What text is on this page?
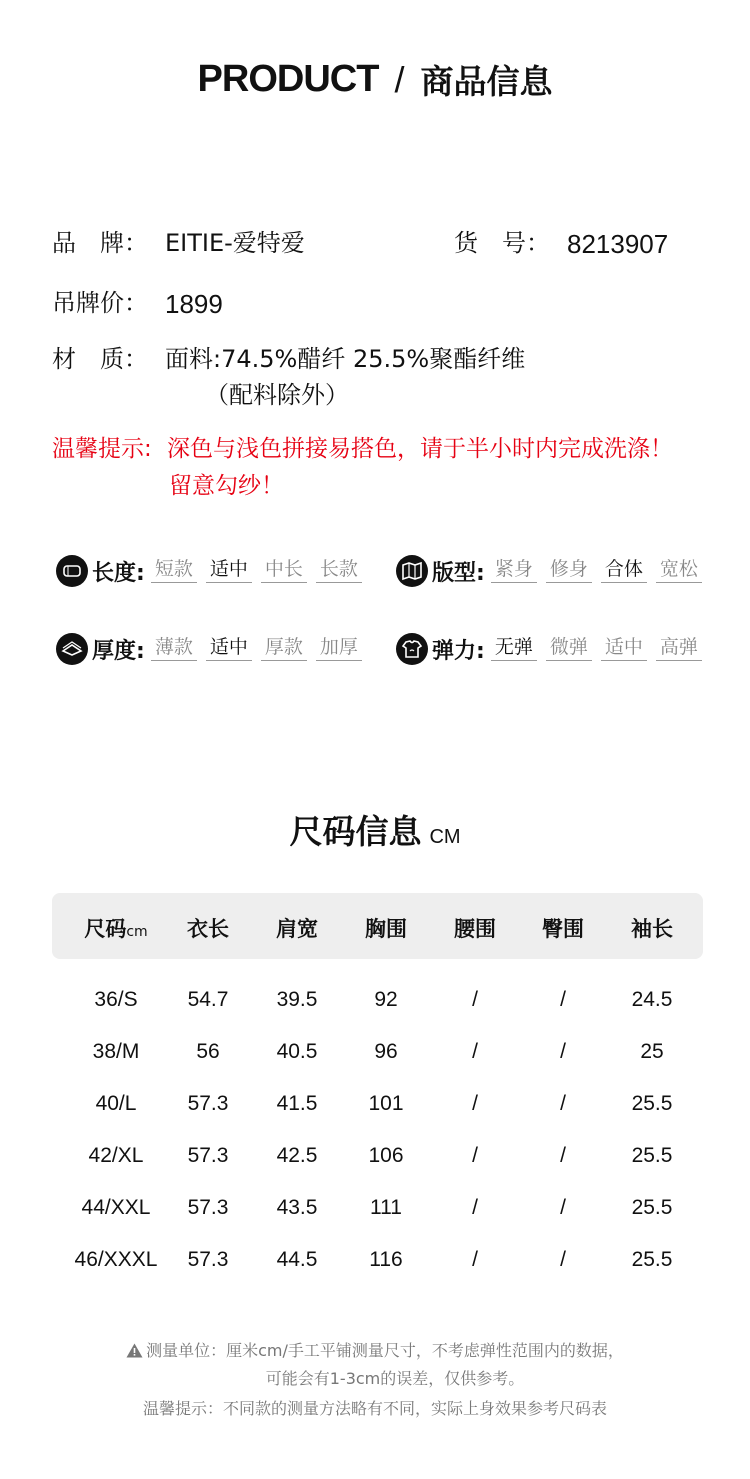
PRODUCT / 商品信息
品　牌： EITIE-爱特爱	货　号： 8213907
吊牌价： 1899
材　质： 面料:74.5%醋纤 25.5%聚酯纤维
（配料除外）
温馨提示: 深色与浅色拼接易搭色，请于半小时内完成洗涤！
留意勾纱！
长度: 短款 适中 中长 长款	版型: 紧身 修身 合体 宽松
厚度: 薄款 适中 厚款 加厚	弹力: 无弹 微弹 适中 高弹
尺码信息 CM
尺码cm 衣长 肩宽 胸围 腰围 臀围 袖长
36/S 54.7 39.5	92	/	/	24.5
38/M	56	40.5	96	/	/	25
40/L 57.3 41.5 101	/	/	25.5
42/XL 57.3 42.5 106	/	/	25.5
44/XXL 57.3 43.5	111	/	/	25.5
46/XXXL 57.3 44.5 116	/	/	25.5
测量单位：厘米cm/手工平铺测量尺寸，不考虑弹性范围内的数据，
可能会有1-3cm的误差，仅供参考。
温馨提示：不同款的测量方法略有不同，实际上身效果参考尺码表
